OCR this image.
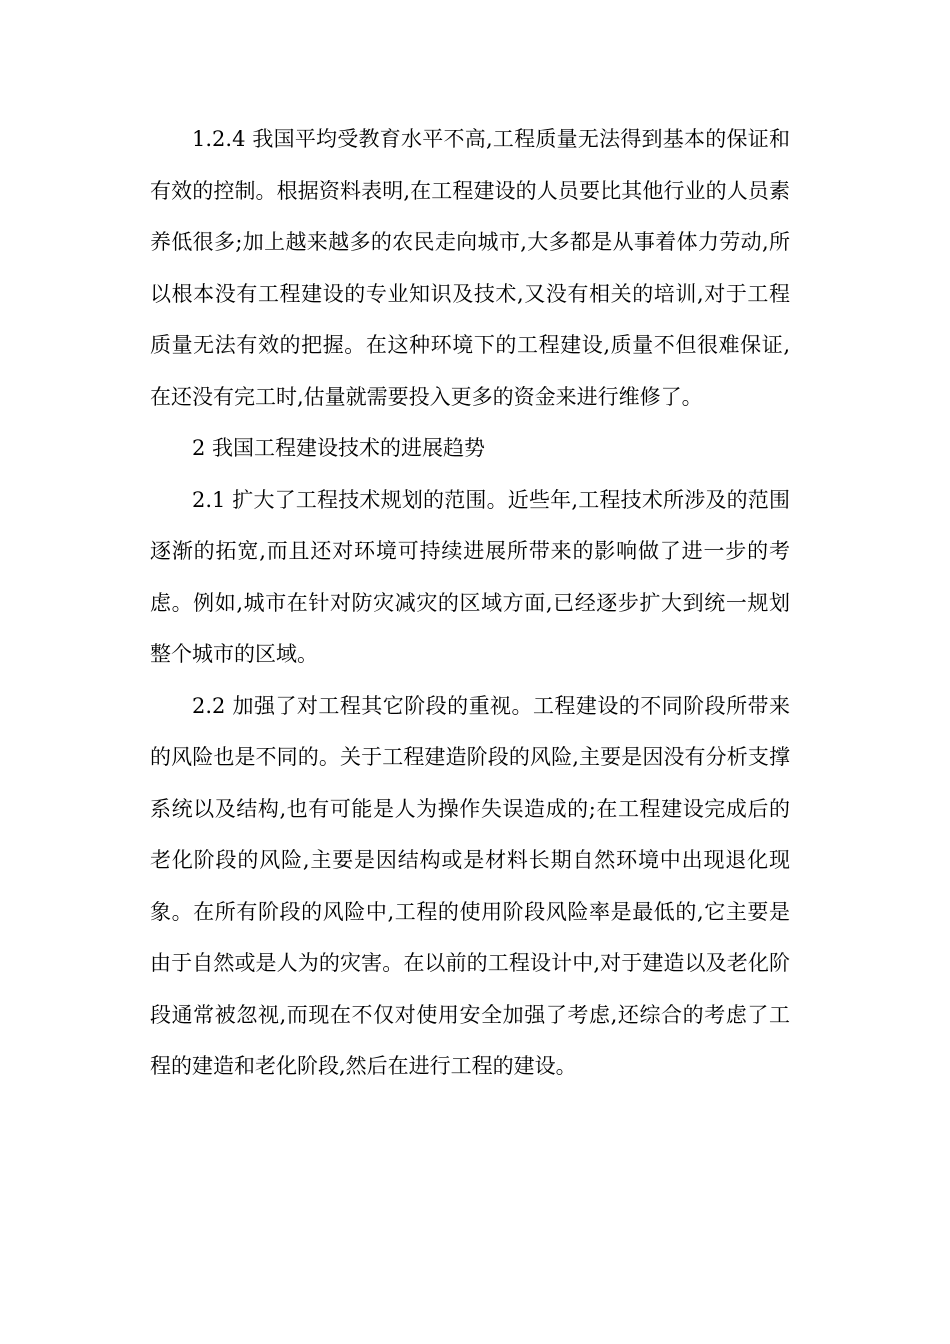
1.2.4 我国平均受教育水平不高,工程质量无法得到基本的保证和有效的控制。根据资料表明,在工程建设的人员要比其他行业的人员素养低很多;加上越来越多的农民走向城市,大多都是从事着体力劳动,所以根本没有工程建设的专业知识及技术,又没有相关的培训,对于工程质量无法有效的把握。在这种环境下的工程建设,质量不但很难保证,在还没有完工时,估量就需要投入更多的资金来进行维修了。

2 我国工程建设技术的进展趋势

2.1 扩大了工程技术规划的范围。近些年,工程技术所涉及的范围逐渐的拓宽,而且还对环境可持续进展所带来的影响做了进一步的考虑。例如,城市在针对防灾减灾的区域方面,已经逐步扩大到统一规划整个城市的区域。

2.2 加强了对工程其它阶段的重视。工程建设的不同阶段所带来的风险也是不同的。关于工程建造阶段的风险,主要是因没有分析支撑系统以及结构,也有可能是人为操作失误造成的;在工程建设完成后的老化阶段的风险,主要是因结构或是材料长期自然环境中出现退化现象。在所有阶段的风险中,工程的使用阶段风险率是最低的,它主要是由于自然或是人为的灾害。在以前的工程设计中,对于建造以及老化阶段通常被忽视,而现在不仅对使用安全加强了考虑,还综合的考虑了工程的建造和老化阶段,然后在进行工程的建设。
